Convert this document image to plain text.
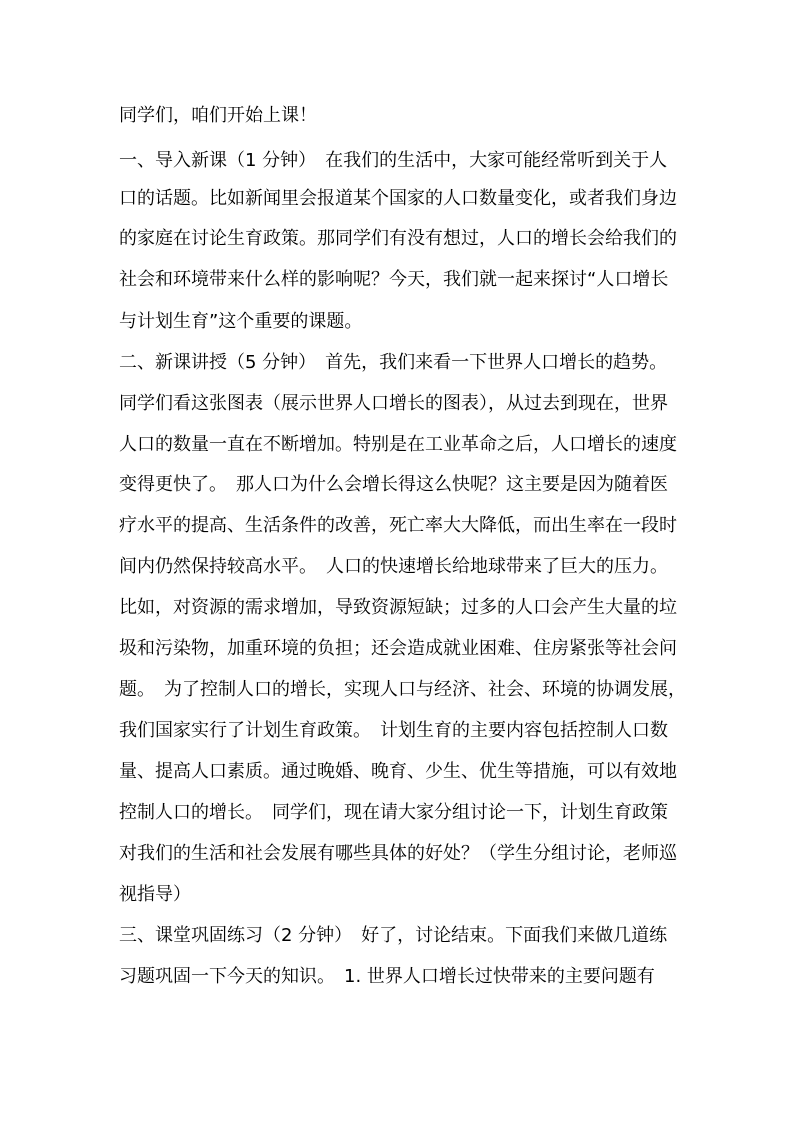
同学们，咱们开始上课！
一、导入新课（1 分钟）　在我们的生活中，大家可能经常听到关于人
口的话题。比如新闻里会报道某个国家的人口数量变化，或者我们身边
的家庭在讨论生育政策。那同学们有没有想过，人口的增长会给我们的
社会和环境带来什么样的影响呢？今天，我们就一起来探讨“人口增长
与计划生育”这个重要的课题。
二、新课讲授（5 分钟）　首先，我们来看一下世界人口增长的趋势。
同学们看这张图表（展示世界人口增长的图表），从过去到现在，世界
人口的数量一直在不断增加。特别是在工业革命之后，人口增长的速度
变得更快了。　那人口为什么会增长得这么快呢？这主要是因为随着医
疗水平的提高、生活条件的改善，死亡率大大降低，而出生率在一段时
间内仍然保持较高水平。　人口的快速增长给地球带来了巨大的压力。
比如，对资源的需求增加，导致资源短缺；过多的人口会产生大量的垃
圾和污染物，加重环境的负担；还会造成就业困难、住房紧张等社会问
题。　为了控制人口的增长，实现人口与经济、社会、环境的协调发展，
我们国家实行了计划生育政策。　计划生育的主要内容包括控制人口数
量、提高人口素质。通过晚婚、晚育、少生、优生等措施，可以有效地
控制人口的增长。　同学们，现在请大家分组讨论一下，计划生育政策
对我们的生活和社会发展有哪些具体的好处？（学生分组讨论，老师巡
视指导）
三、课堂巩固练习（2 分钟）　好了，讨论结束。下面我们来做几道练
习题巩固一下今天的知识。　1. 世界人口增长过快带来的主要问题有
